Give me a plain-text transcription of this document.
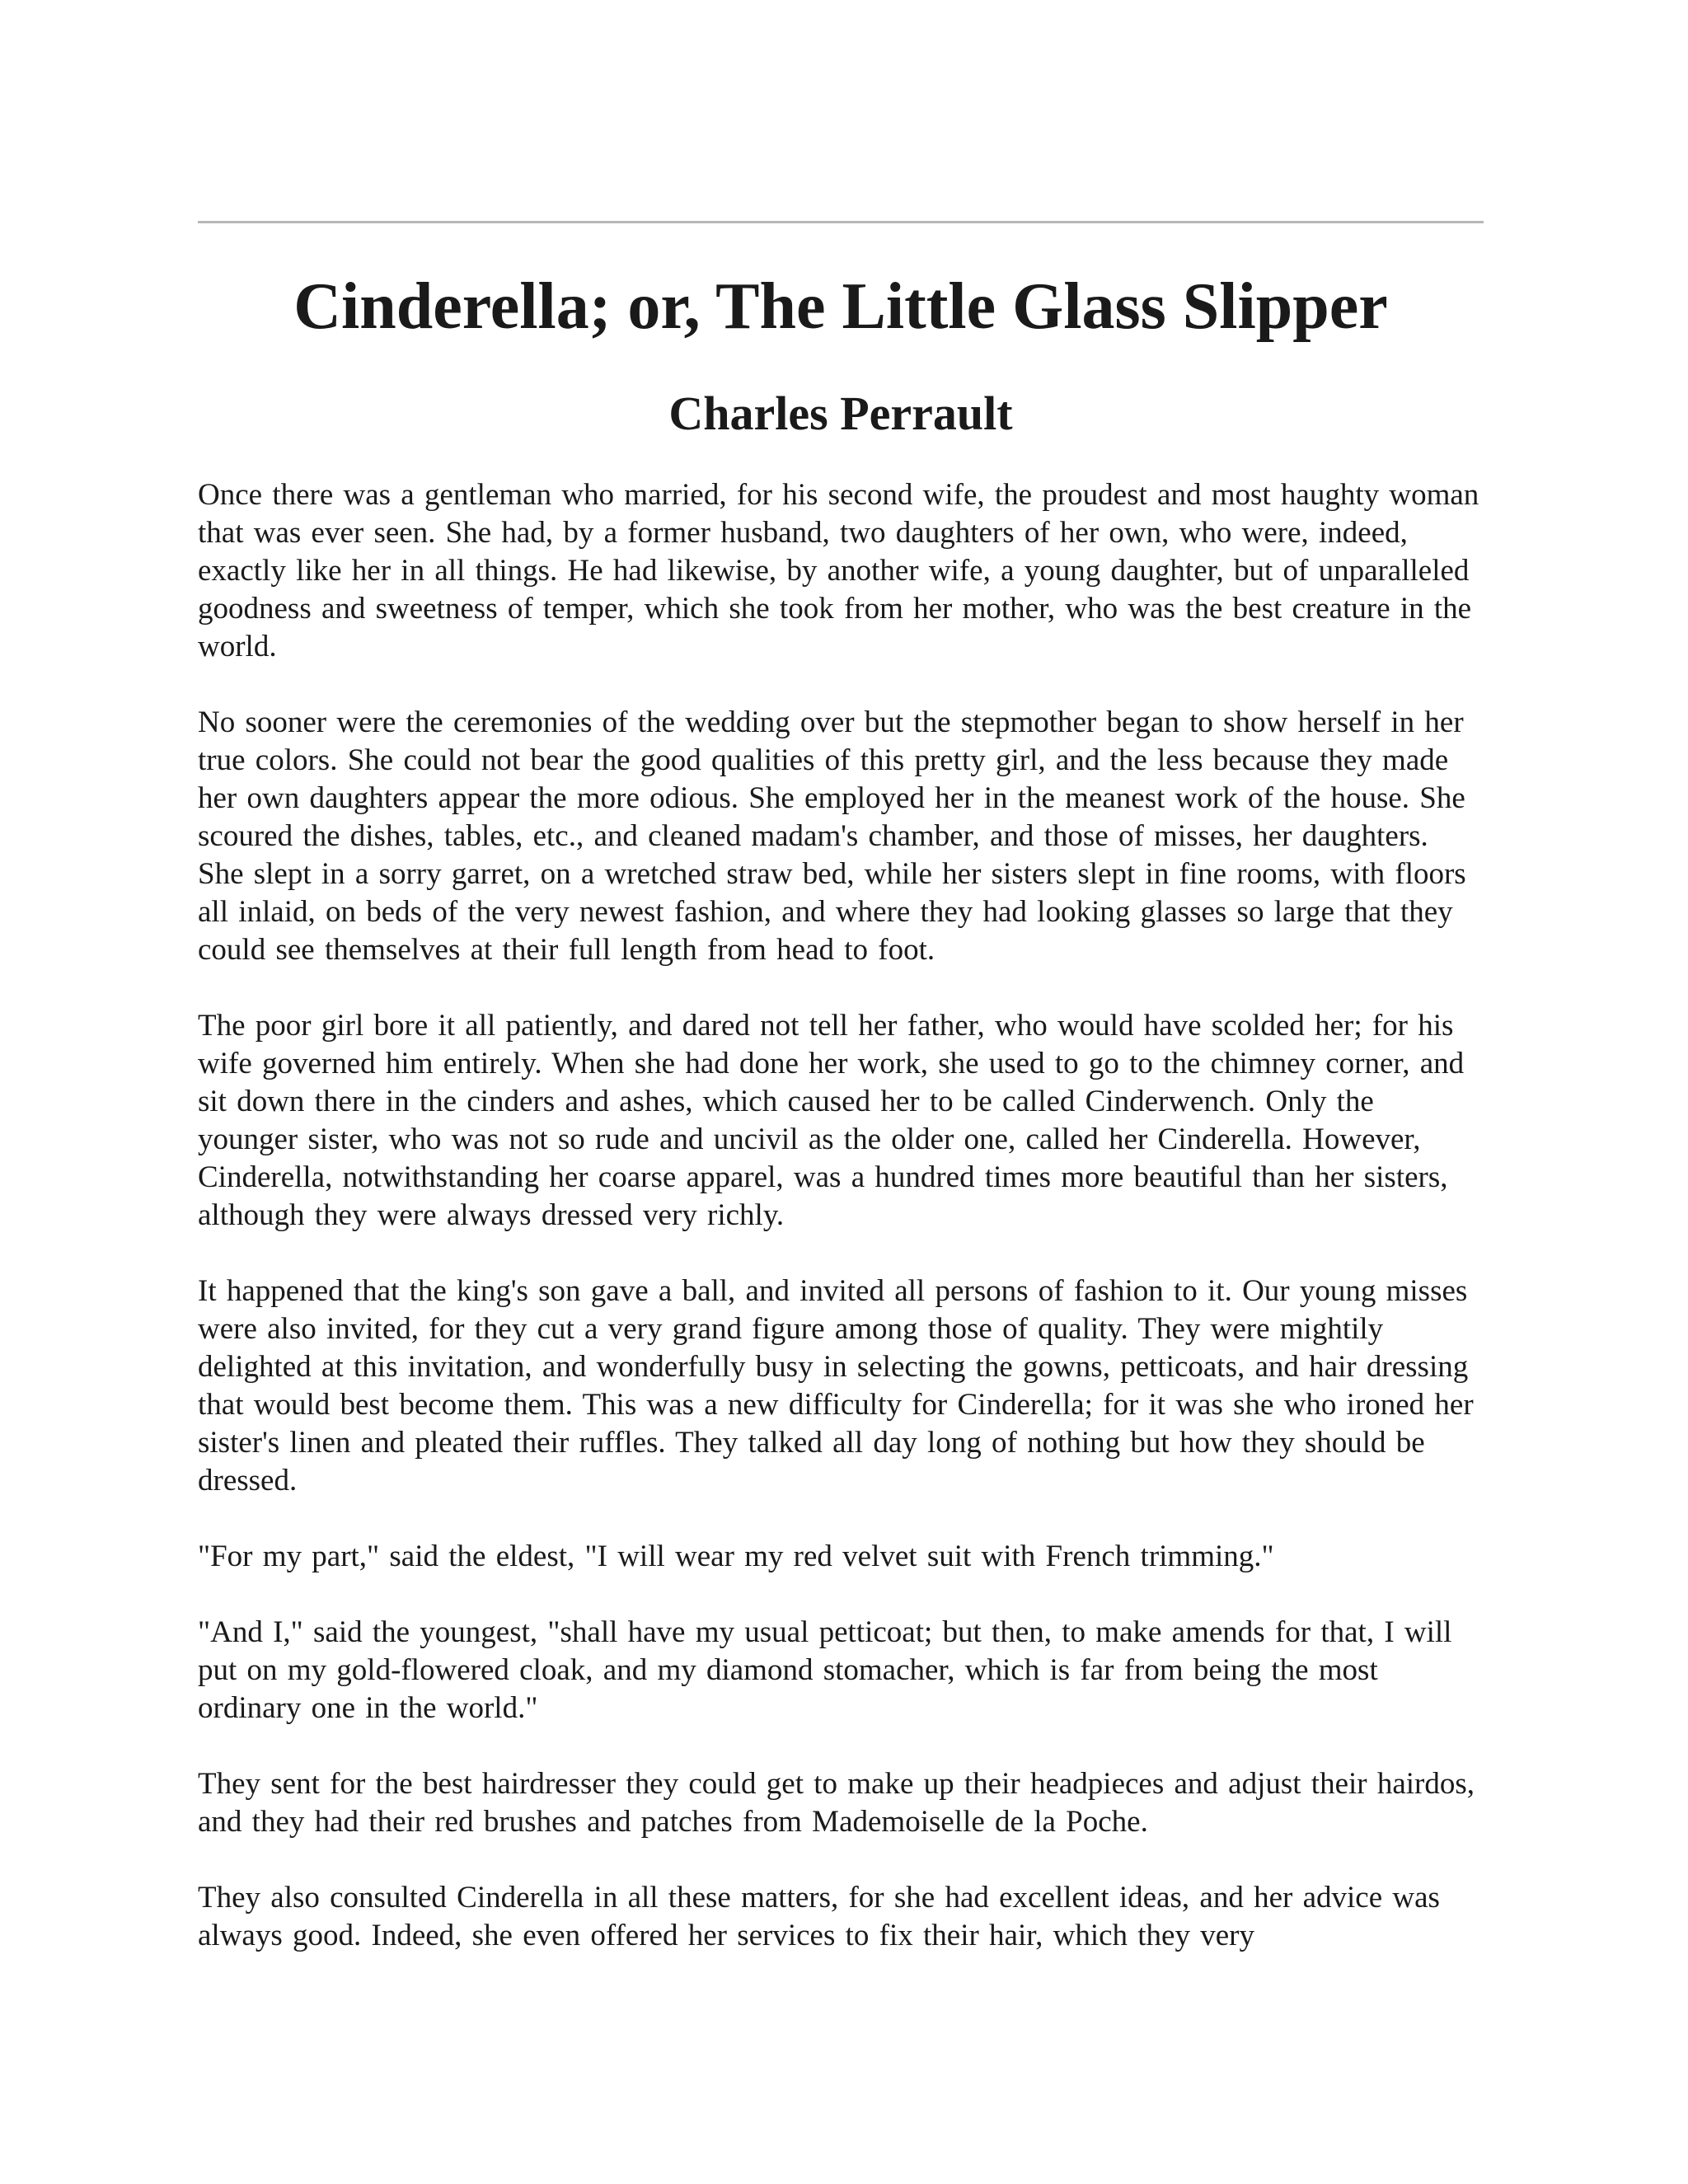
Cinderella; or, The Little Glass Slipper
Charles Perrault

Once there was a gentleman who married, for his second wife, the proudest and most haughty woman that was ever seen. She had, by a former husband, two daughters of her own, who were, indeed, exactly like her in all things. He had likewise, by another wife, a young daughter, but of unparalleled goodness and sweetness of temper, which she took from her mother, who was the best creature in the world.

No sooner were the ceremonies of the wedding over but the stepmother began to show herself in her true colors. She could not bear the good qualities of this pretty girl, and the less because they made her own daughters appear the more odious. She employed her in the meanest work of the house. She scoured the dishes, tables, etc., and cleaned madam's chamber, and those of misses, her daughters. She slept in a sorry garret, on a wretched straw bed, while her sisters slept in fine rooms, with floors all inlaid, on beds of the very newest fashion, and where they had looking glasses so large that they could see themselves at their full length from head to foot.

The poor girl bore it all patiently, and dared not tell her father, who would have scolded her; for his wife governed him entirely. When she had done her work, she used to go to the chimney corner, and sit down there in the cinders and ashes, which caused her to be called Cinderwench. Only the younger sister, who was not so rude and uncivil as the older one, called her Cinderella. However, Cinderella, notwithstanding her coarse apparel, was a hundred times more beautiful than her sisters, although they were always dressed very richly.

It happened that the king's son gave a ball, and invited all persons of fashion to it. Our young misses were also invited, for they cut a very grand figure among those of quality. They were mightily delighted at this invitation, and wonderfully busy in selecting the gowns, petticoats, and hair dressing that would best become them. This was a new difficulty for Cinderella; for it was she who ironed her sister's linen and pleated their ruffles. They talked all day long of nothing but how they should be dressed.

"For my part," said the eldest, "I will wear my red velvet suit with French trimming."

"And I," said the youngest, "shall have my usual petticoat; but then, to make amends for that, I will put on my gold-flowered cloak, and my diamond stomacher, which is far from being the most ordinary one in the world."

They sent for the best hairdresser they could get to make up their headpieces and adjust their hairdos, and they had their red brushes and patches from Mademoiselle de la Poche.

They also consulted Cinderella in all these matters, for she had excellent ideas, and her advice was always good. Indeed, she even offered her services to fix their hair, which they very
